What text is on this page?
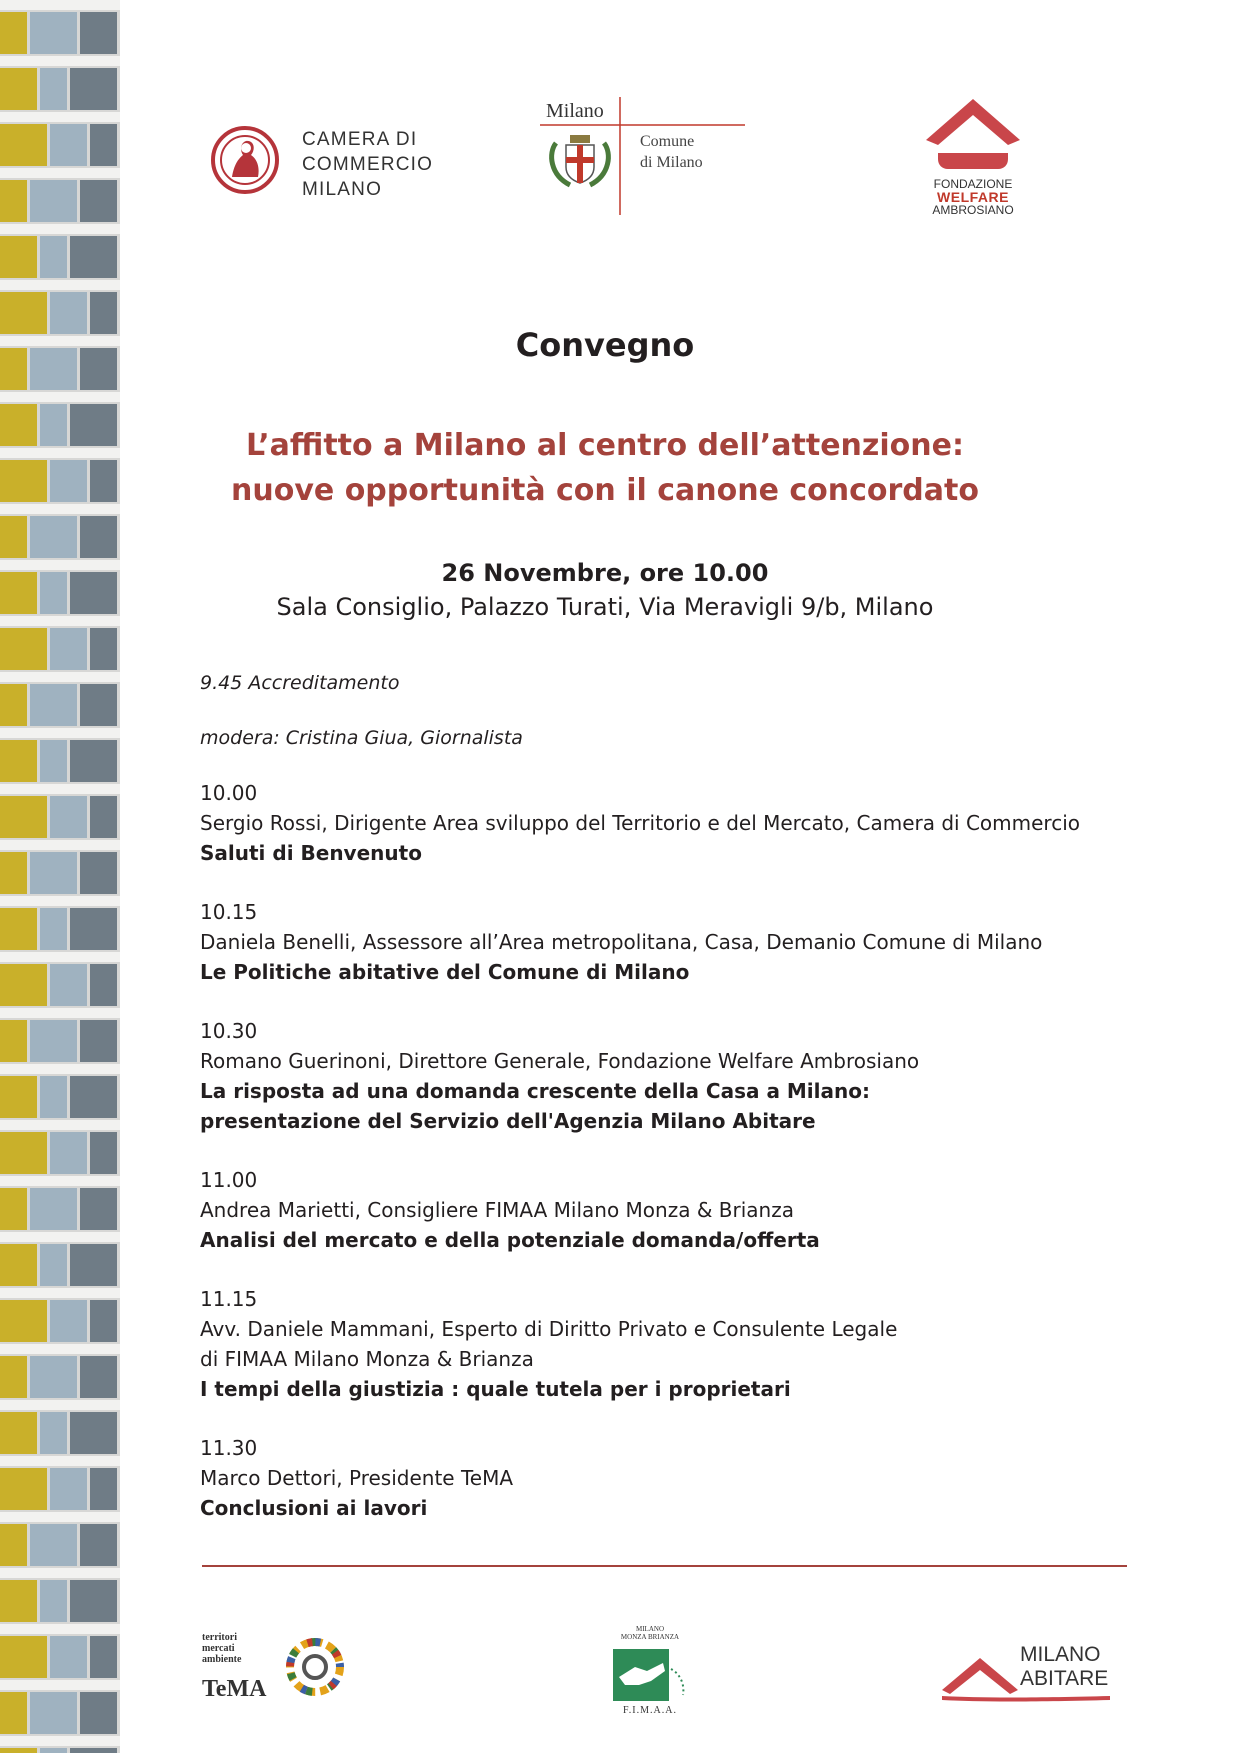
CAMERA DI
COMMERCIO
MILANO
Milano
Comune
di Milano
FONDAZIONE
WELFARE
AMBROSIANO
Convegno
L’affitto a Milano al centro dell’attenzione:
nuove opportunità con il canone concordato
26 Novembre, ore 10.00
Sala Consiglio, Palazzo Turati, Via Meravigli 9/b, Milano
9.45 Accreditamento
modera: Cristina Giua, Giornalista
10.00
Sergio Rossi, Dirigente Area sviluppo del Territorio e del Mercato, Camera di Commercio
Saluti di Benvenuto
10.15
Daniela Benelli, Assessore all’Area metropolitana, Casa, Demanio Comune di Milano
Le Politiche abitative del Comune di Milano
10.30
Romano Guerinoni, Direttore Generale, Fondazione Welfare Ambrosiano
La risposta ad una domanda crescente della Casa a Milano:
presentazione del Servizio dell'Agenzia Milano Abitare
11.00
Andrea Marietti, Consigliere FIMAA Milano Monza & Brianza
Analisi del mercato e della potenziale domanda/offerta
11.15
Avv. Daniele Mammani, Esperto di Diritto Privato e Consulente Legale
di FIMAA Milano Monza & Brianza
I tempi della giustizia : quale tutela per i proprietari
11.30
Marco Dettori, Presidente TeMA
Conclusioni ai lavori
territori
mercati
ambiente
TeMA
MILANO
MONZA BRIANZA
F.I.M.A.A.
MILANO
ABITARE
